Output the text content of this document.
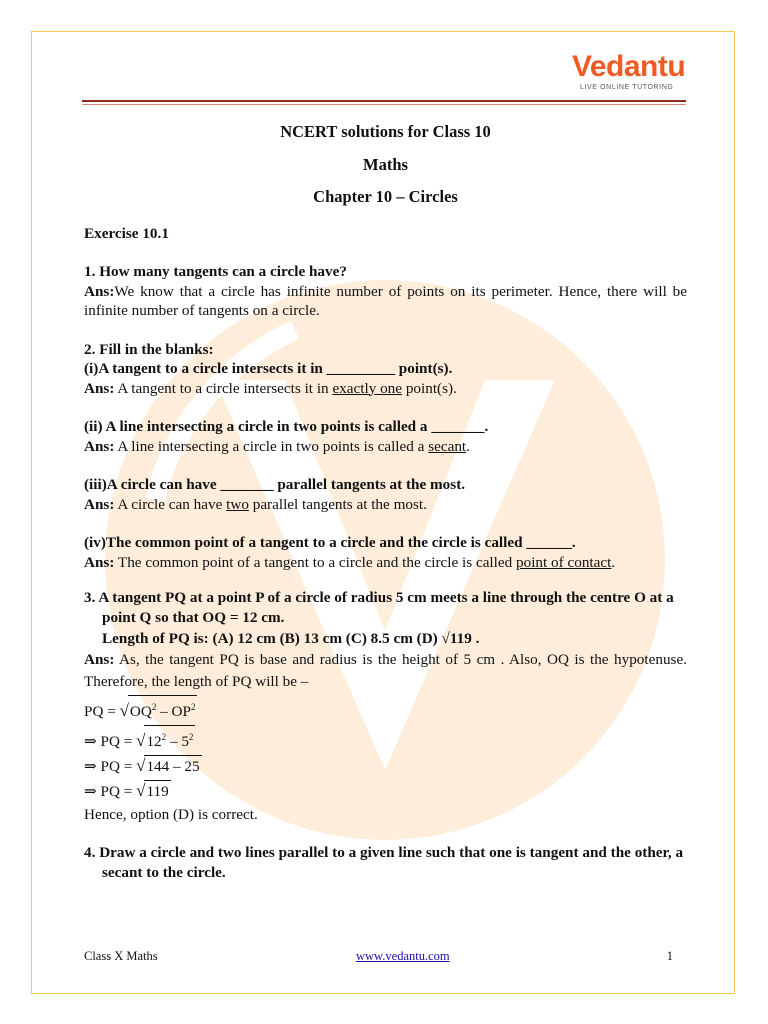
Vedantu
LIVE ONLINE TUTORING

NCERT solutions for Class 10

Maths

Chapter 10 – Circles

Exercise 10.1

1. How many tangents can a circle have?

Ans:We know that a circle has infinite number of points on its perimeter. Hence, there will be infinite number of tangents on a circle.

2. Fill in the blanks:

(i)A tangent to a circle intersects it in _________ point(s).

Ans: A tangent to a circle intersects it in exactly one point(s).

(ii) A line intersecting a circle in two points is called a _______.

Ans: A line intersecting a circle in two points is called a secant.

(iii)A circle can have _______ parallel tangents at the most.

Ans: A circle can have two parallel tangents at the most.

(iv)The common point of a tangent to a circle and the circle is called ______.

Ans: The common point of a tangent to a circle and the circle is called point of contact.

3. A tangent PQ at a point P of a circle of radius 5 cm meets a line through the centre O at a point Q so that OQ = 12 cm.

Length of PQ is: (A) 12 cm (B) 13 cm (C) 8.5 cm (D) √119 .

Ans: As, the tangent PQ is base and radius is the height of 5 cm . Also, OQ is the hypotenuse. Therefore, the length of PQ will be –

PQ = $√OQ^2 - OP^2$

⇒ PQ = $√12^2 - 5^2$

⇒ PQ = √144 – 25

⇒ PQ = √119

Hence, option (D) is correct.

4. Draw a circle and two lines parallel to a given line such that one is tangent and the other, a secant to the circle.

Class X Maths	www.vedantu.com	1
